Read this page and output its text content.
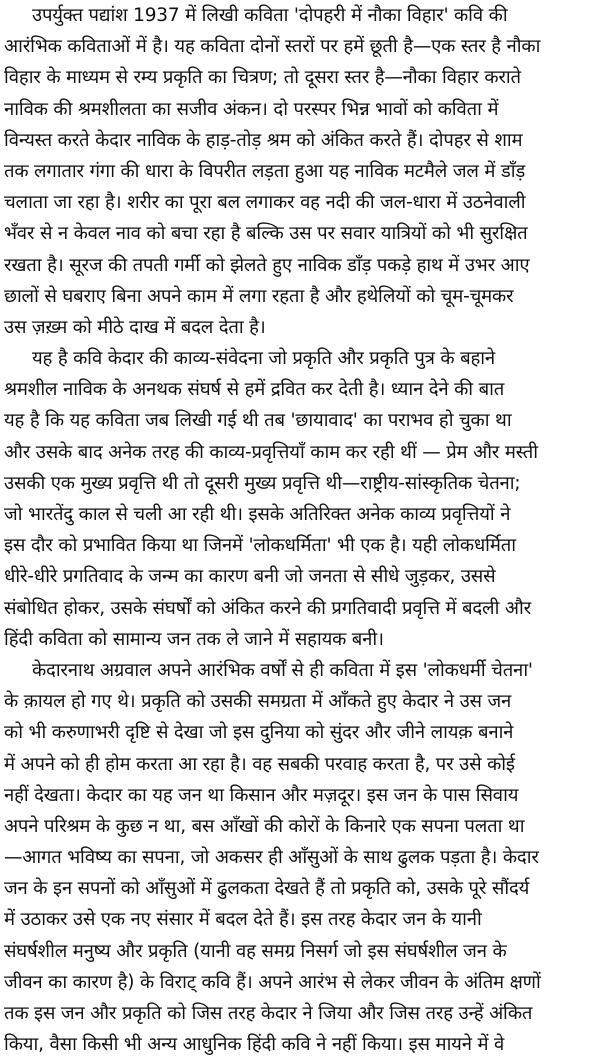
उपर्युक्त पद्यांश 1937 में लिखी कविता 'दोपहरी में नौका विहार' कवि की
आरंभिक कविताओं में है। यह कविता दोनों स्तरों पर हमें छूती है—एक स्तर है नौका
विहार के माध्यम से रम्य प्रकृति का चित्रण; तो दूसरा स्तर है—नौका विहार कराते
नाविक की श्रमशीलता का सजीव अंकन। दो परस्पर भिन्न भावों को कविता में
विन्यस्त करते केदार नाविक के हाड़-तोड़ श्रम को अंकित करते हैं। दोपहर से शाम
तक लगातार गंगा की धारा के विपरीत लड़ता हुआ यह नाविक मटमैले जल में डाँड़
चलाता जा रहा है। शरीर का पूरा बल लगाकर वह नदी की जल-धारा में उठनेवाली
भँवर से न केवल नाव को बचा रहा है बल्कि उस पर सवार यात्रियों को भी सुरक्षित
रखता है। सूरज की तपती गर्मी को झेलते हुए नाविक डाँड़ पकड़े हाथ में उभर आए
छालों से घबराए बिना अपने काम में लगा रहता है और हथेलियों को चूम-चूमकर
उस ज़ख़्म को मीठे दाख में बदल देता है।
यह है कवि केदार की काव्य-संवेदना जो प्रकृति और प्रकृति पुत्र के बहाने
श्रमशील नाविक के अनथक संघर्ष से हमें द्रवित कर देती है। ध्यान देने की बात
यह है कि यह कविता जब लिखी गई थी तब 'छायावाद' का पराभव हो चुका था
और उसके बाद अनेक तरह की काव्य-प्रवृत्तियाँ काम कर रही थीं — प्रेम और मस्ती
उसकी एक मुख्य प्रवृत्ति थी तो दूसरी मुख्य प्रवृत्ति थी—राष्ट्रीय-सांस्कृतिक चेतना;
जो भारतेंदु काल से चली आ रही थी। इसके अतिरिक्त अनेक काव्य प्रवृत्तियों ने
इस दौर को प्रभावित किया था जिनमें 'लोकधर्मिता' भी एक है। यही लोकधर्मिता
धीरे-धीरे प्रगतिवाद के जन्म का कारण बनी जो जनता से सीधे जुड़कर, उससे
संबोधित होकर, उसके संघर्षों को अंकित करने की प्रगतिवादी प्रवृत्ति में बदली और
हिंदी कविता को सामान्य जन तक ले जाने में सहायक बनी।
केदारनाथ अग्रवाल अपने आरंभिक वर्षों से ही कविता में इस 'लोकधर्मी चेतना'
के क़ायल हो गए थे। प्रकृति को उसकी समग्रता में आँकते हुए केदार ने उस जन
को भी करुणाभरी दृष्टि से देखा जो इस दुनिया को सुंदर और जीने लायक़ बनाने
में अपने को ही होम करता आ रहा है। वह सबकी परवाह करता है, पर उसे कोई
नहीं देखता। केदार का यह जन था किसान और मज़दूर। इस जन के पास सिवाय
अपने परिश्रम के कुछ न था, बस आँखों की कोरों के किनारे एक सपना पलता था
—आगत भविष्य का सपना, जो अकसर ही आँसुओं के साथ ढुलक पड़ता है। केदार
जन के इन सपनों को आँसुओं में ढुलकता देखते हैं तो प्रकृति को, उसके पूरे सौंदर्य
में उठाकर उसे एक नए संसार में बदल देते हैं। इस तरह केदार जन के यानी
संघर्षशील मनुष्य और प्रकृति (यानी वह समग्र निसर्ग जो इस संघर्षशील जन के
जीवन का कारण है) के विराट् कवि हैं। अपने आरंभ से लेकर जीवन के अंतिम क्षणों
तक इस जन और प्रकृति को जिस तरह केदार ने जिया और जिस तरह उन्हें अंकित
किया, वैसा किसी भी अन्य आधुनिक हिंदी कवि ने नहीं किया। इस मायने में वे
